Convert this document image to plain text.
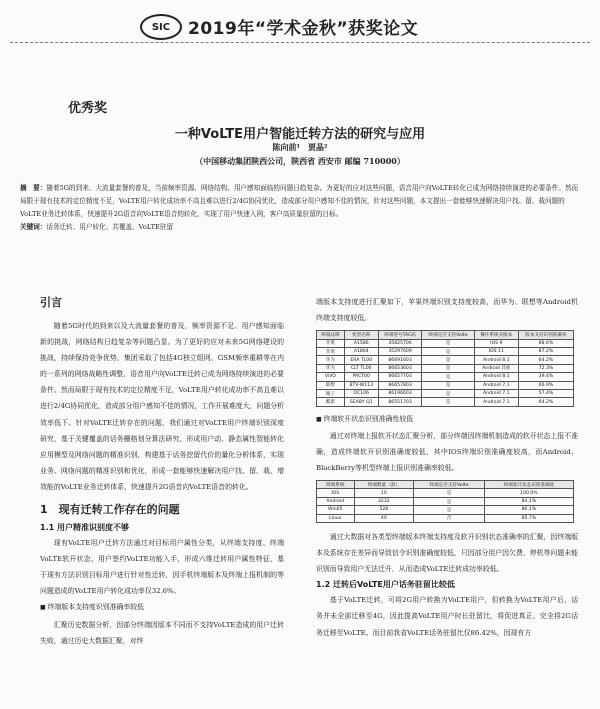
SIC 2019年“学术金秋”获奖论文
优秀奖
一种VoLTE用户智能迁转方法的研究与应用
陈向前¹　贾晶²
（中国移动集团陕西公司，陕西省 西安市 邮编 710000）
摘　要：随着5G的到来、大流量套餐的普及，当前频率资源、网络结构、用户感知面临的问题日趋复杂。为更好的应对这些问题，语音用户向VoLTE转化已成为网络持续演进的必要条件。然而局限于现有技术的定位精度不足，VoLTE用户转化成功率不高且难以进行2/4G协同优化，造成部分用户感知不佳的情况，针对这些问题，本文提出一套能够快速解决用户找、留、栽问题的VoLTE业务迁转体系，快速提升2G语音向VoLTE语音的转化，实现了用户快速入网，客户高质量驻留的目标。
关键词：话务迁转、用户转化、共覆盖、VoLTE驻留
引言

随着5G时代的到来以及大流量套餐的普及，频率资源不足、用户感知面临新的挑战，网络结构日趋复杂等问题凸显。为了更好的应对未来5G网络建设的挑战，持续保持竞争优势，集团采取了包括4G独立组网、GSM频率重耕等在内的一系列的网络战略性调整，语音用户向VoLTE迁转已成为网络持续演进的必要条件。然而局限于现有技术的定位精度不足，VoLTE用户转化成功率不高且难以进行2/4G协同优化，造成部分用户感知不佳的情况，工作开展难度大，问题分析效率低下。针对VoLTE迁转存在的问题，我们通过对VoLTE用户终端识别深度研究，基于关键覆盖的话务栅格划分算法研究，形成用户动、静态属性智能转化应用模型及网络问题的精准识别，构建基于话务挖留代价的量化分析体系，实现业务、网络问题的精准识别和优化，形成一套能够快速解决用户找、留、栽、增效能的VoLTE业务迁转体系，快速提升2G语音向VoLTE语音的转化。

1　现有迁转工作存在的问题
1.1 用户精准识别度不够

现有VoLTE用户迁转方法通过对目标用户属性分类，从终端支持度、终端VoLTE软开状态、用户签约VoLTE功能入手，形成六维迁转用户属性特征，基于现有方法识别目标用户进行针对性迁转，因手机终端版本及终端上报机制的等问题造成的VoLTE用户转化成功率仅32.6%。

■ 终端版本支持度识别准确率较低

汇聚历史数据分析，因部分终端因版本不同而不支持VoLTE造成的用户迁转失败，通过历史大数据汇聚，对终

端版本支持度进行汇聚如下，苹果终端识别支持度较高，而华为、联想等Android机终端支持度较低。
终端品牌	机型名称	终端型号TAC码	终端是否支持Volte	操作系统及版本	版本支持识别准确率
苹果	A1586	35825706	是	IOS 9	88.6%
苹果	A1864	35297609	是	IOS 11	87.2%
华为	ERA TL00	86691603	是	Android 8.1	64.2%
华为	CLT TL00	86653603	是	Android 其他	72.3%
ViVO	PACT00	86657703	是	Android 8.1	39.4%
联想	BTV-W113	86657803	是	Android 7.1	66.9%
锤子	OC106	86196603	是	Android 7.1	57.4%
酷派	SEA8Y Q1	86551703	是	Android 7.1	64.2%
■ 终端软开状态识别准确性较低

通过对终端上报软开状态汇聚分析，部分终端因终端机制造成的软开状态上报不准确，造成终端软开识别准确度较低，其中IOS终端识别准确度较高，而Android、BlackBerry等机型终端上报识别准确率较低。

终端系统	终端数量（款）	终端是否支持Volte	终端软开状态识别准确度
IOS	10	是	100.0%
Android	3232	是	84.1%
Win05	528	是	86.1%
Linux	40	否	85.7%

通过大数据对各类型终端版本终端支持度及软开识别状态准确率的汇聚，因终端版本及系统存在差异而导致信令识别准确度较低，只因部分用户因欠费、停机等问题未能识别而导致用户无法迁升，从而造成VoLTE迁转成功率较低。

1.2 迁转后VoLTE用户话务驻留比较低

基于VoLTE迁转，可将2G用户转换为VoLTE用户，但转换为VoLTE用户后，话务并未全部迁移至4G，因此提高VoLTE用户时长驻留比，将促进真正、完全将2G话务迁移至VoLTE。而目前我省VoLTE话务驻留比仅86.42%，因现有方
